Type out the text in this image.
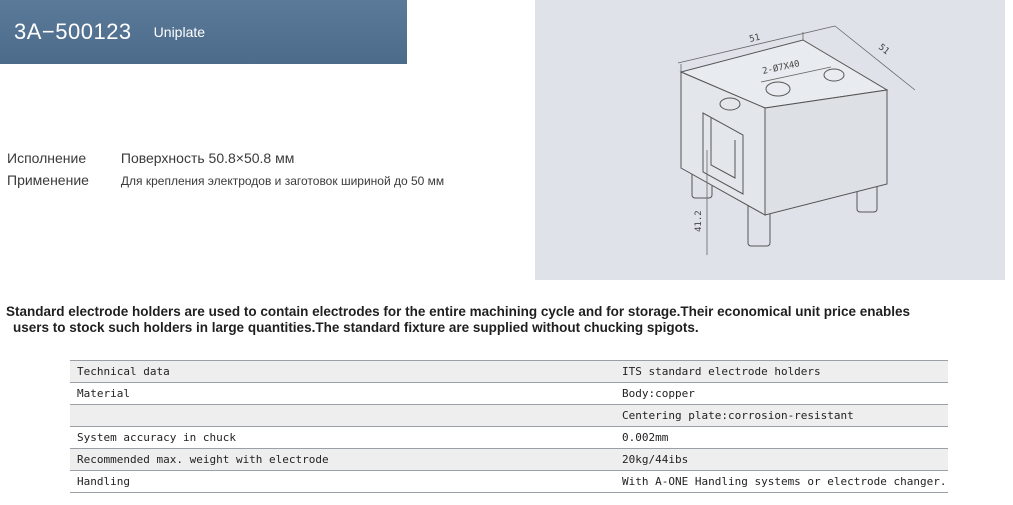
3A−500123 Uniplate
Исполнение Поверхность 50.8×50.8 мм
Применение	Для крепления электродов и заготовок шириной до 50 мм
51
51
2-Ø7X40
41.2
Standard electrode holders are used to contain electrodes for the entire machining cycle and for storage.Their economical unit price enables
users to stock such holders in large quantities.The standard fixture are supplied without chucking spigots.
Technical data	ITS standard electrode holders
Material	Body:copper
	Centering plate:corrosion-resistant
System accuracy in chuck	0.002mm
Recommended max. weight with electrode	20kg/44ibs
Handling	With A-ONE Handling systems or electrode changer.
